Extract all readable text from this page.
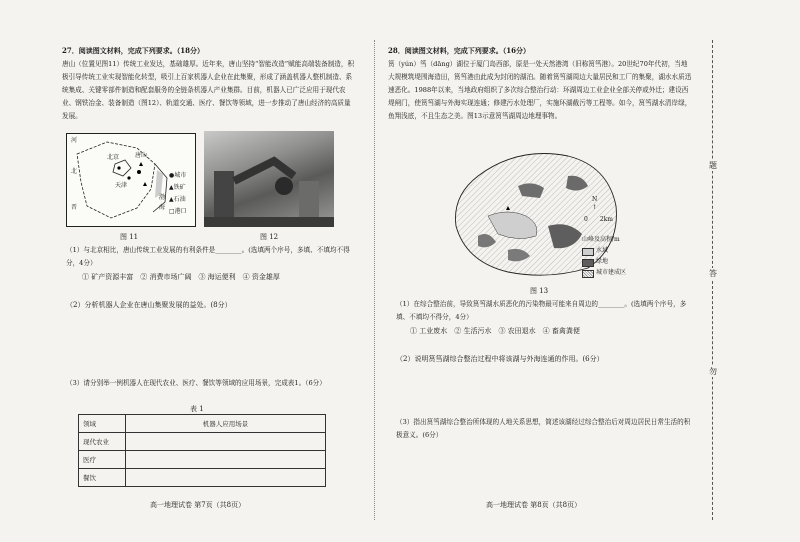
27．阅读图文材料，完成下列要求。（18分）
唐山（位置见图11）传统工业发达，基础雄厚。近年来，唐山坚持“智能改造”赋能高端装备制造，积极引导传统工业实现智能化转型，吸引上百家机器人企业在此集聚，形成了涵盖机器人整机制造、系统集成、关键零部件制造和配套服务的全链条机器人产业集群。目前，机器人已广泛应用于现代农业、钢铁冶金、装备制造（图12）、轨道交通、医疗、餐饮等领域，进一步推动了唐山经济的高质量发展。
河
北
北京
天津
唐山
渤
海
晋
●城市
▲铁矿
▲石油
□港口
图 11	图 12
（1）与北京相比，唐山传统工业发展的有利条件是________。(选填两个序号，多填、不填均不得分，4分）
① 矿产资源丰富　② 消费市场广阔　③ 海运便利　④ 资金雄厚
（2）分析机器人企业在唐山集聚发展的益处。(8分）
（3）请分别举一例机器人在现代农业、医疗、餐饮等领域的应用场景，完成表1。（6分）
表 1
领域	机器人应用场景
现代农业	
医疗	
餐饮	
高一地理试卷 第7页（共8页）
28．阅读图文材料，完成下列要求。（16分）
筼（yún）筜（dāng）湖位于厦门岛西部，原是一处天然港湾（旧称筼筜港）。20世纪70年代初，当地大规模筑堤围海造田，筼筜港由此成为封闭的湖泊。随着筼筜湖周边大量居民和工厂的集聚，湖水水质迅速恶化。1988年以来，当地政府组织了多次综合整治行动：环湖周边工业企业全部关停或外迁；建设西堤闸门，使筼筜湖与外海实现连通；修建污水处理厂，实施环湖截污等工程等。如今，筼筜湖水清岸绿，鱼翔浅底，不且生态之美。图13示意筼筜湖周边地理事物。
N
↑
0　　2km
山峰及高程/m
水域
绿地
城市建成区
图 13
（1）在综合整治前，导致筼筜湖水质恶化的污染物最可能来自周边的________。(选填两个序号，多填、不填均不得分，4分）
① 工业废水　② 生活污水　③ 农田退水　④ 畜禽粪便
（2）说明筼筜湖综合整治过程中将该湖与外海连通的作用。(6分）
（3）指出筼筜湖综合整治所体现的人地关系思想，简述该湖经过综合整治后对周边居民日常生活的积极意义。(6分）
高一地理试卷 第8页（共8页）
题
答
勿
